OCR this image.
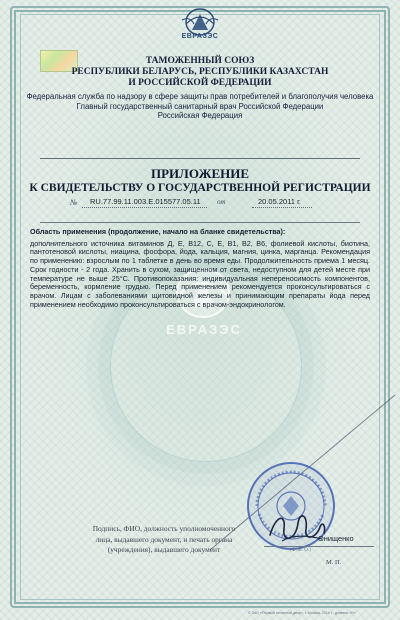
ЕВРАЗЭС
ТАМОЖЕННЫЙ СОЮЗ
РЕСПУБЛИКИ БЕЛАРУСЬ, РЕСПУБЛИКИ КАЗАХСТАН
И РОССИЙСКОЙ ФЕДЕРАЦИИ
Федеральная служба по надзору в сфере защиты прав потребителей и благополучия человека
Главный государственный санитарный врач Российской Федерации
Российская Федерация
ПРИЛОЖЕНИЕ
К СВИДЕТЕЛЬСТВУ О ГОСУДАРСТВЕННОЙ РЕГИСТРАЦИИ
№ RU.77.99.11.003.E.015577.05.11 от	20.05.2011 г.
ЕВРАЗЭС
Область применения (продолжение, начало на бланке свидетельства):
дополнительного источника витаминов Д, Е, В12, С, Е, В1, В2, В6, фолиевой кислоты, биотина, пантотеновой кислоты, ниацина, фосфора, йода, кальция, магния, цинка, марганца. Рекомендация по применению: взрослым по 1 таблетке в день во время еды. Продолжительность приема 1 месяц. Срок годности - 2 года. Хранить в сухом, защищенном от света, недоступном для детей месте при температуре не выше 25°С. Противопоказания: индивидуальная непереносимость компонентов, беременность, кормление грудью. Перед применением рекомендуется проконсультироваться с врачом. Лицам с заболеваниями щитовидной железы и принимающим препараты йода перед применением необходимо проконсультироваться с врачом-эндокринологом.
Подпись, ФИО, должность уполномоченного
лица, выдавшего документ, и печать органа
(учреждения), выдавшего документ
Онищенко
(Ф. И. О.)
М. П.
© ЗАО «Первый печатный двор», г. Москва, 2010 г., уровень «Б»
